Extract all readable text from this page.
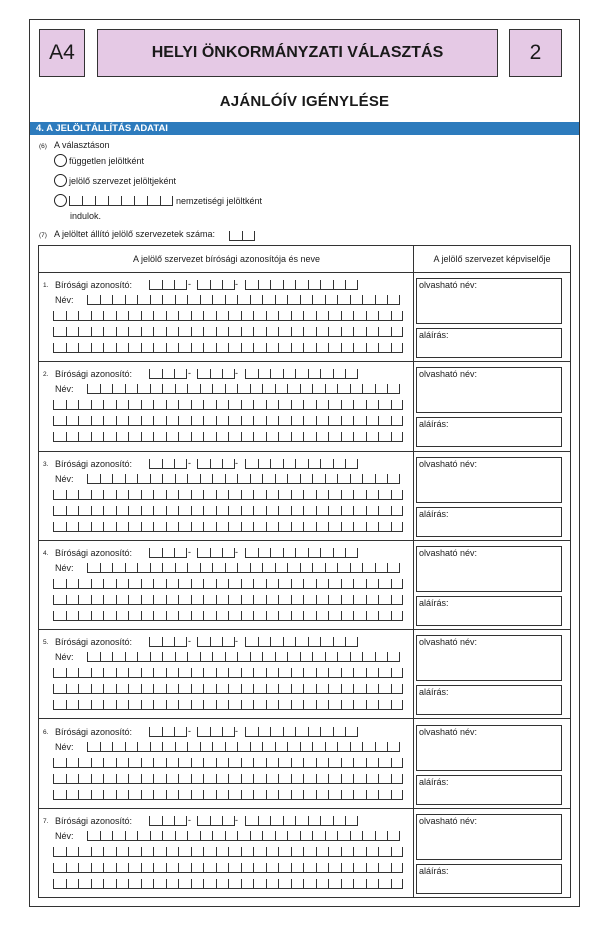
A4	HELYI ÖNKORMÁNYZATI VÁLASZTÁS	2
AJÁNLÓÍV IGÉNYLÉSE
4. A JELÖLTÁLLÍTÁS ADATAI
(6) A választáson
független jelöltként
jelölő szervezet jelöltjeként
nemzetiségi jelöltként
indulok.
(7) A jelöltet állító jelölő szervezetek száma:
A jelölő szervezet bírósági azonosítója és neve	A jelölő szervezet képviselője
1. Bírósági azonosító:	-	-
Név:
olvasható név:
aláírás:
2. Bírósági azonosító:	-	-
Név:
olvasható név:
aláírás:
3. Bírósági azonosító:	-	-
Név:
olvasható név:
aláírás:
4. Bírósági azonosító:	-	-
Név:
olvasható név:
aláírás:
5. Bírósági azonosító:	-	-
Név:
olvasható név:
aláírás:
6. Bírósági azonosító:	-	-
Név:
olvasható név:
aláírás:
7. Bírósági azonosító:	-	-
Név:
olvasható név:
aláírás:
